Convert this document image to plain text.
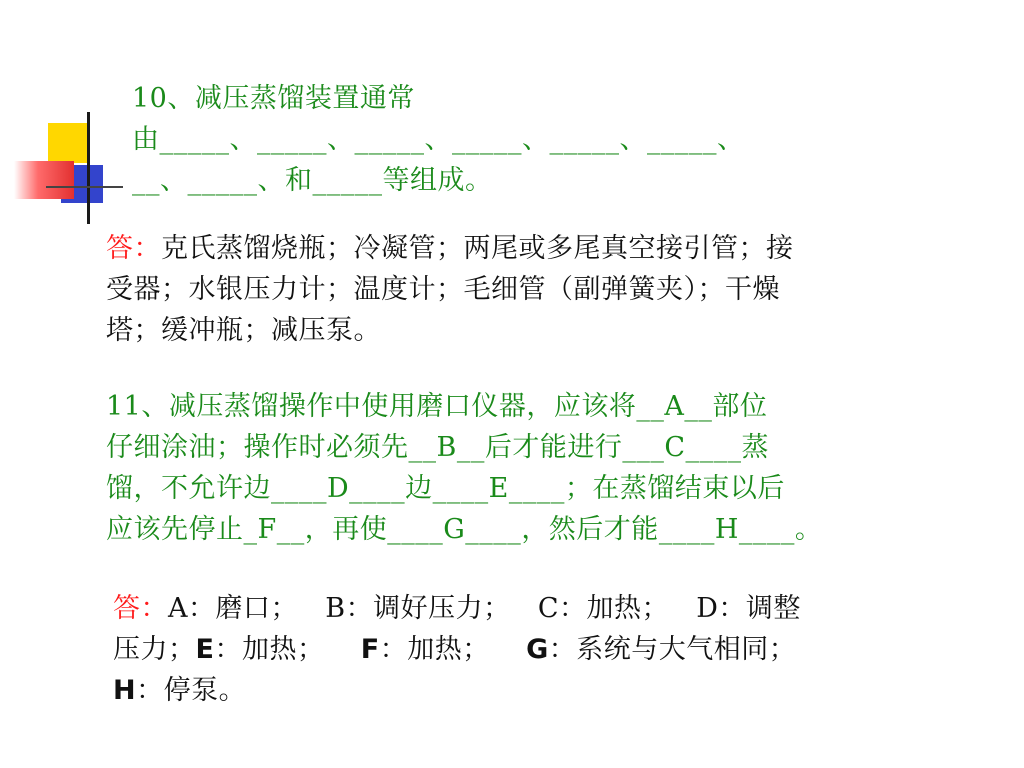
10、减压蒸馏装置通常
由_____、_____、_____、_____、_____、_____、
__、_____、和_____等组成。
答：克氏蒸馏烧瓶；冷凝管；两尾或多尾真空接引管；接
受器；水银压力计；温度计；毛细管（副弹簧夹）；干燥
塔；缓冲瓶；减压泵。
11、减压蒸馏操作中使用磨口仪器，应该将__A__部位
仔细涂油；操作时必须先__B__后才能进行___C____蒸
馏，不允许边____D____边____E____；在蒸馏结束以后
应该先停止_F__，再使____G____，然后才能____H____。
答：A：磨口；   B：调好压力；   C：加热；   D：调整
压力；E：加热；    F：加热；    G：系统与大气相同；
H：停泵。
